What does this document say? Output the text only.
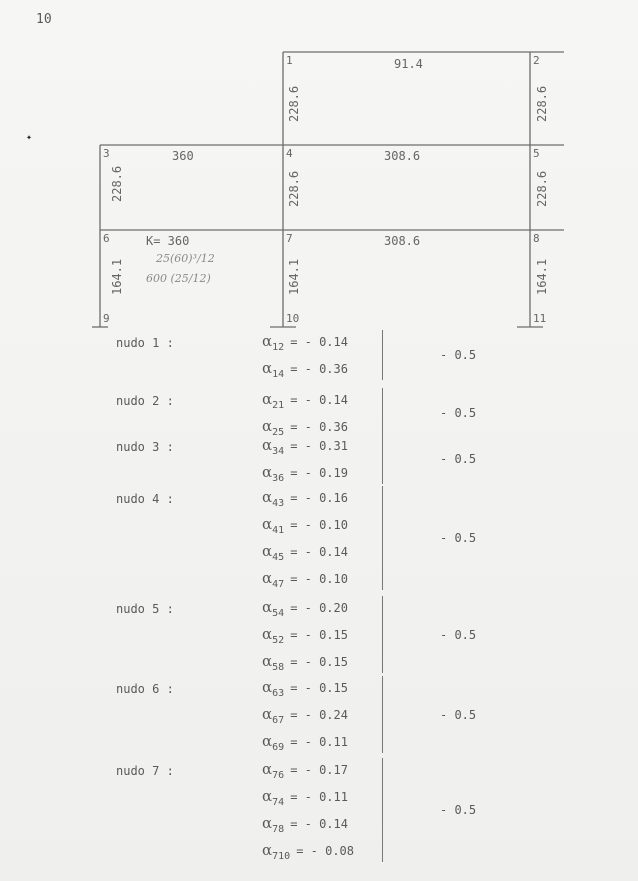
10
✦
1	2
3	4	5
6	7	8
9	10	11
91.4
360	308.6
K= 360	308.6
228.6	228.6
228.6	228.6	228.6
164.1	164.1	164.1
25(60)³/12
600 (25/12)
nudo 1 :	$\alpha_{12}$ = - 0.14
$\alpha_{14}$ = - 0.36
- 0.5
nudo 2 :	$\alpha_{21}$ = - 0.14
$\alpha_{25}$ = - 0.36
- 0.5
nudo 3 :	$\alpha_{34}$ = - 0.31
$\alpha_{36}$ = - 0.19
- 0.5
nudo 4 :	$\alpha_{43}$ = - 0.16
$\alpha_{41}$ = - 0.10
$\alpha_{45}$ = - 0.14
$\alpha_{47}$ = - 0.10
- 0.5
nudo 5 :	$\alpha_{54}$ = - 0.20
$\alpha_{52}$ = - 0.15
$\alpha_{58}$ = - 0.15
- 0.5
nudo 6 :	$\alpha_{63}$ = - 0.15
$\alpha_{67}$ = - 0.24
$\alpha_{69}$ = - 0.11
- 0.5
nudo 7 :	$\alpha_{76}$ = - 0.17
$\alpha_{74}$ = - 0.11
$\alpha_{78}$ = - 0.14
$\alpha_{710}$ = - 0.08
- 0.5
